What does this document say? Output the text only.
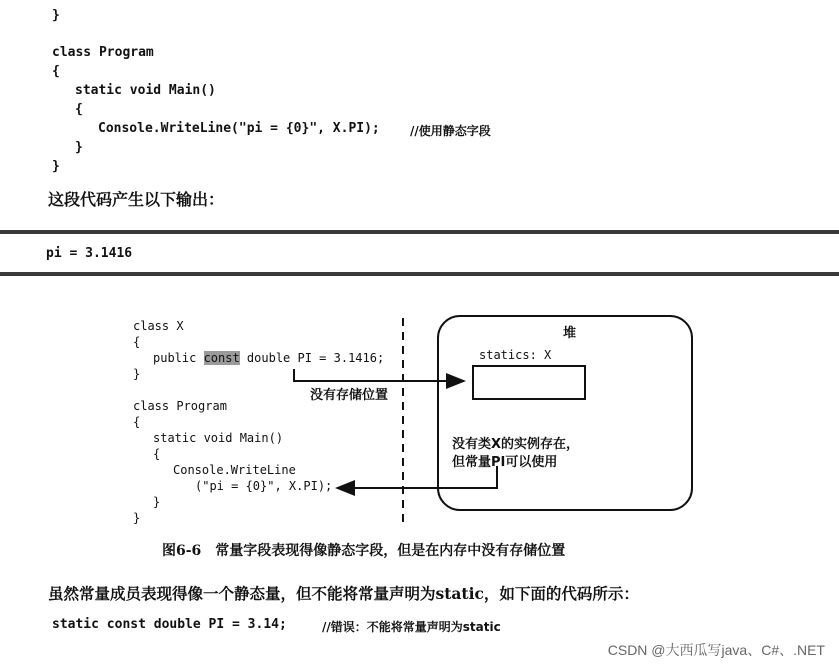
}
class Program
{
static void Main()
{
Console.WriteLine("pi = {0}", X.PI);	//使用静态字段
}
}
这段代码产生以下输出：
pi = 3.1416
class X
{
public const double PI = 3.1416;
}
class Program
{
static void Main()
{
Console.WriteLine
("pi = {0}", X.PI);
}
}
堆
statics: X
没有存储位置
没有类X的实例存在，
但常量PI可以使用
图6-6　常量字段表现得像静态字段，但是在内存中没有存储位置
虽然常量成员表现得像一个静态量，但不能将常量声明为static，如下面的代码所示：
static const double PI = 3.14;	//错误：不能将常量声明为static
CSDN @大西瓜写java、C#、.NET
